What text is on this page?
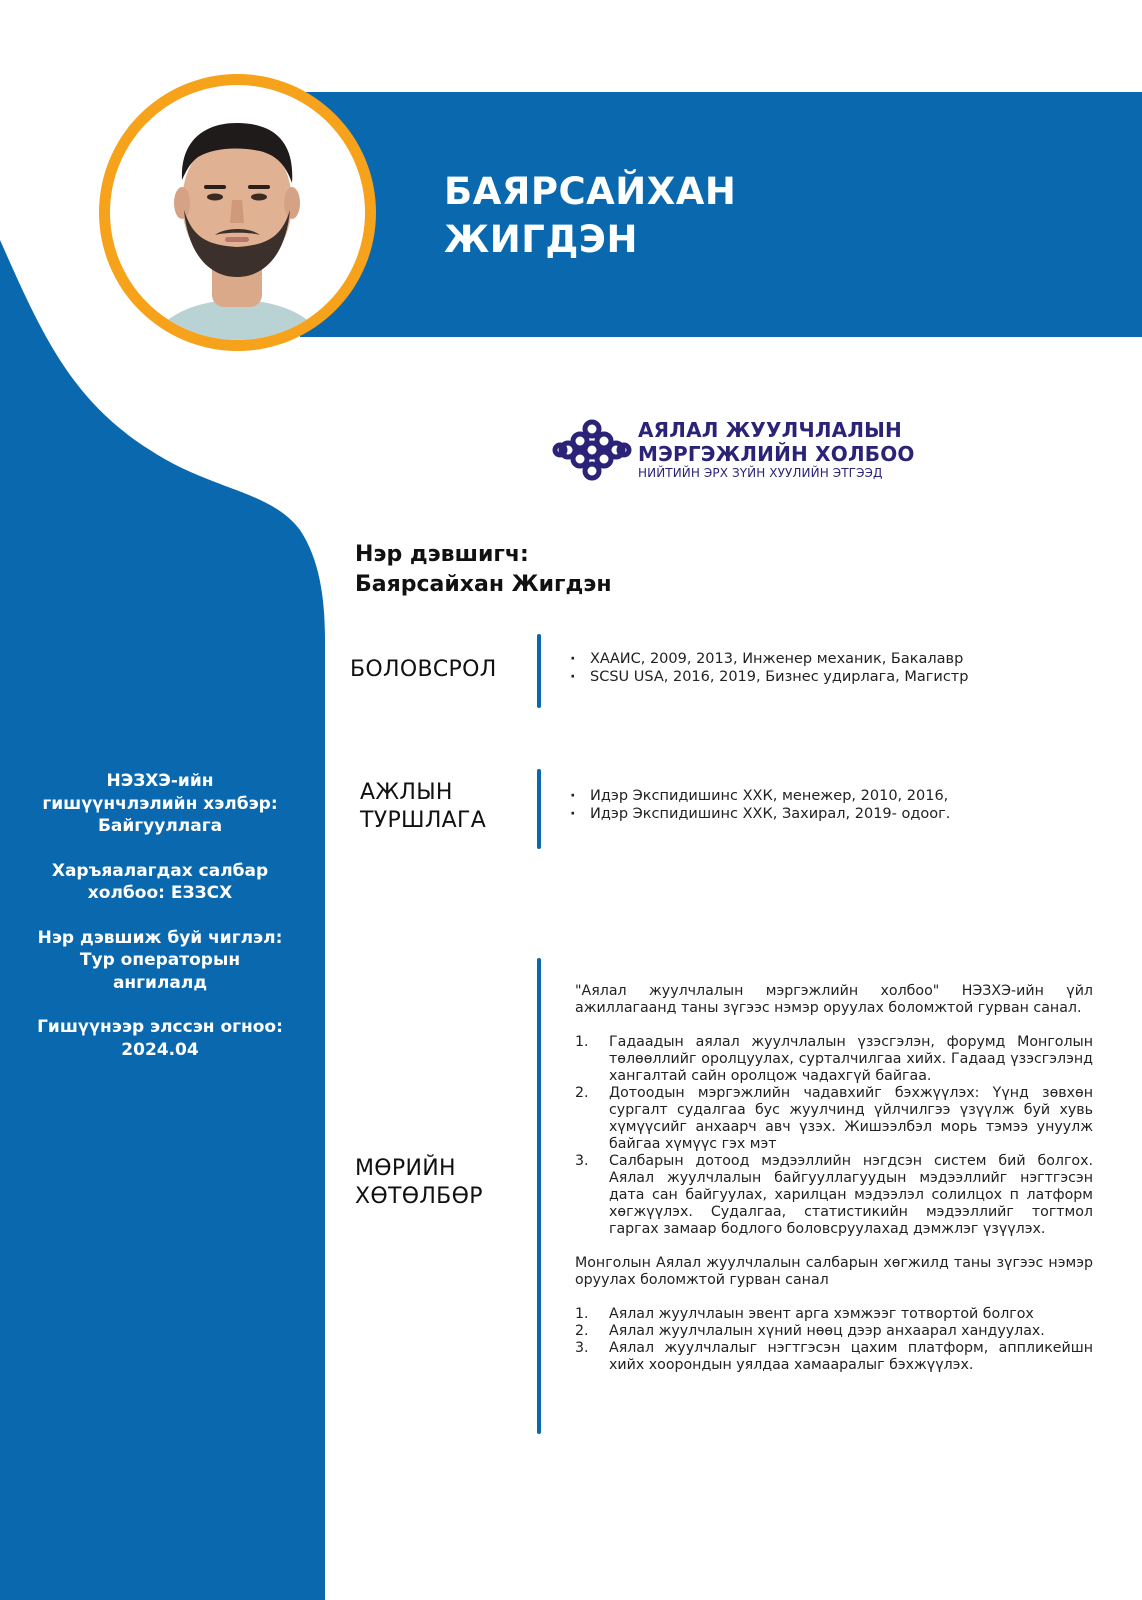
БАЯРСАЙХАН
ЖИГДЭН
АЯЛАЛ ЖУУЛЧЛАЛЫН
МЭРГЭЖЛИЙН ХОЛБОО
НИЙТИЙН ЭРХ ЗҮЙН ХУУЛИЙН ЭТГЭЭД
Нэр дэвшигч:
Баярсайхан Жигдэн
БОЛОВСРОЛ	· ХААИС, 2009, 2013, Инженер механик, Бакалавр
· SCSU USA, 2016, 2019, Бизнес удирлага, Магистр
АЖЛЫН
ТУРШЛАГА
· Идэр Экспидишинс ХХК, менежер, 2010, 2016,
· Идэр Экспидишинс ХХК, Захирал, 2019- одоог.
МӨРИЙН
ХӨТӨЛБӨР

"Аялал жуулчлалын мэргэжлийн холбоо" НЭЗХЭ-ийн үйл ажиллагаанд таны зүгээс нэмэр оруулах боломжтой гурван санал.

1. Гадаадын аялал жуулчлалын үзэсгэлэн, форумд Монголын төлөөллийг оролцуулах, сурталчилгаа хийх. Гадаад үзэсгэлэнд хангалтай сайн оролцож чадахгүй байгаа.
2. Дотоодын мэргэжлийн чадавхийг бэхжүүлэх: Үүнд зөвхөн сургалт судалгаа бус жуулчинд үйлчилгээ үзүүлж буй хувь хүмүүсийг анхаарч авч үзэх. Жишээлбэл морь тэмээ унуулж байгаа хүмүүс гэх мэт
3. Салбарын дотоод мэдээллийн нэгдсэн систем бий болгох. Аялал жуулчлалын байгууллагуудын мэдээллийг нэгтгэсэн дата сан байгуулах, харилцан мэдээлэл солилцох п латформ хөгжүүлэх. Судалгаа, статистикийн мэдээллийг тогтмол гаргах замаар бодлого боловсруулахад дэмжлэг үзүүлэх.

Монголын Аялал жуулчлалын салбарын хөгжилд таны зүгээс нэмэр оруулах боломжтой гурван санал

1. Аялал жуулчлаын эвент арга хэмжээг тотвортой болгох
2. Аялал жуулчлалын хүний нөөц дээр анхаарал хандуулах.
3. Аялал жуулчлалыг нэгтгэсэн цахим платформ, аппликейшн хийх хоорондын уялдаа хамааралыг бэхжүүлэх.
НЭЗХЭ-ийн гишүүнчлэлийн хэлбэр: Байгууллага
Харъяалагдах салбар холбоо: ЕЗЗСХ
Нэр дэвшиж буй чиглэл: Тур операторын ангилалд
Гишүүнээр элссэн огноо: 2024.04
